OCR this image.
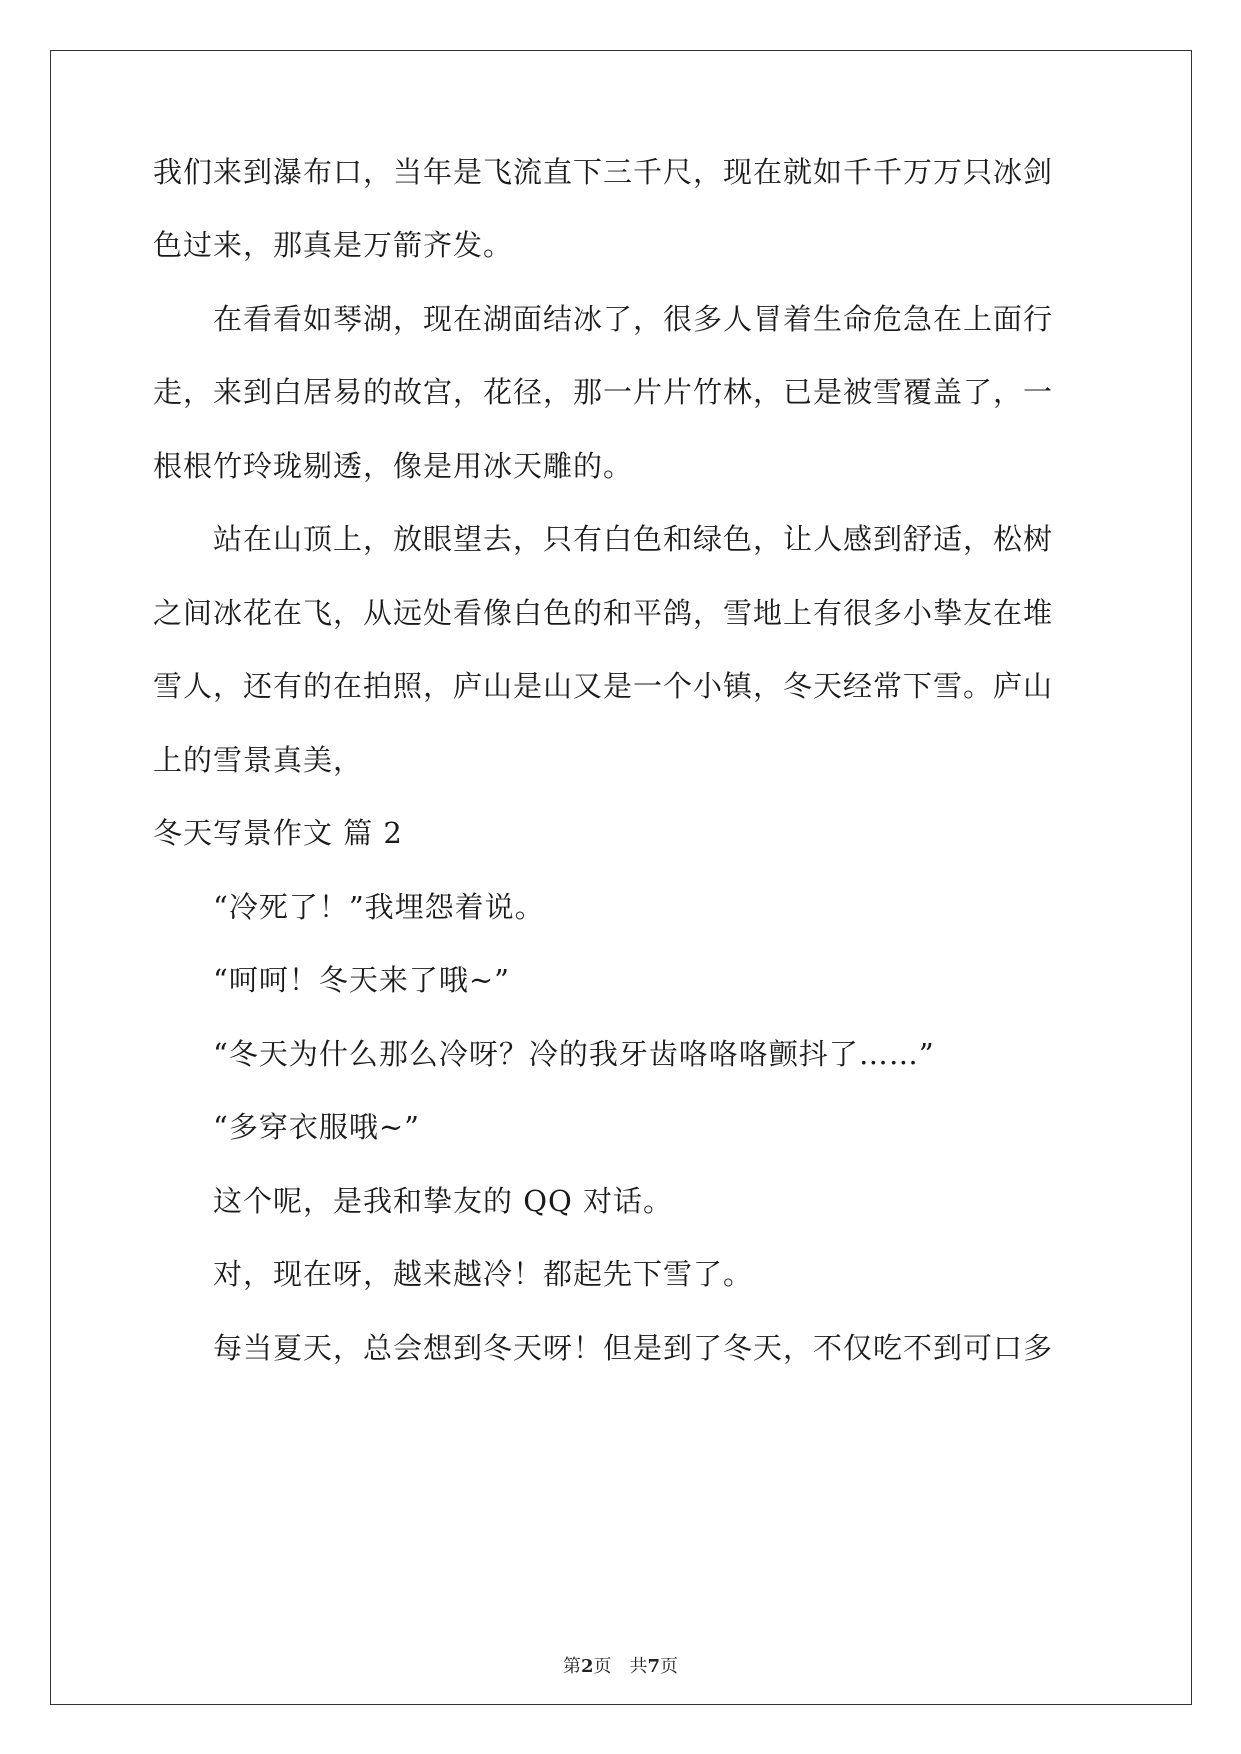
我们来到瀑布口，当年是飞流直下三千尺，现在就如千千万万只冰剑
色过来，那真是万箭齐发。
在看看如琴湖，现在湖面结冰了，很多人冒着生命危急在上面行
走，来到白居易的故宫，花径，那一片片竹林，已是被雪覆盖了，一
根根竹玲珑剔透，像是用冰天雕的。
站在山顶上，放眼望去，只有白色和绿色，让人感到舒适，松树
之间冰花在飞，从远处看像白色的和平鸽，雪地上有很多小挚友在堆
雪人，还有的在拍照，庐山是山又是一个小镇，冬天经常下雪。庐山
上的雪景真美，
冬天写景作文 篇 2
“冷死了！”我埋怨着说。
“呵呵！冬天来了哦~”
“冬天为什么那么冷呀？冷的我牙齿咯咯咯颤抖了……”
“多穿衣服哦~”
这个呢，是我和挚友的 QQ 对话。
对，现在呀，越来越冷！都起先下雪了。
每当夏天，总会想到冬天呀！但是到了冬天，不仅吃不到可口多
第2页 共7页
